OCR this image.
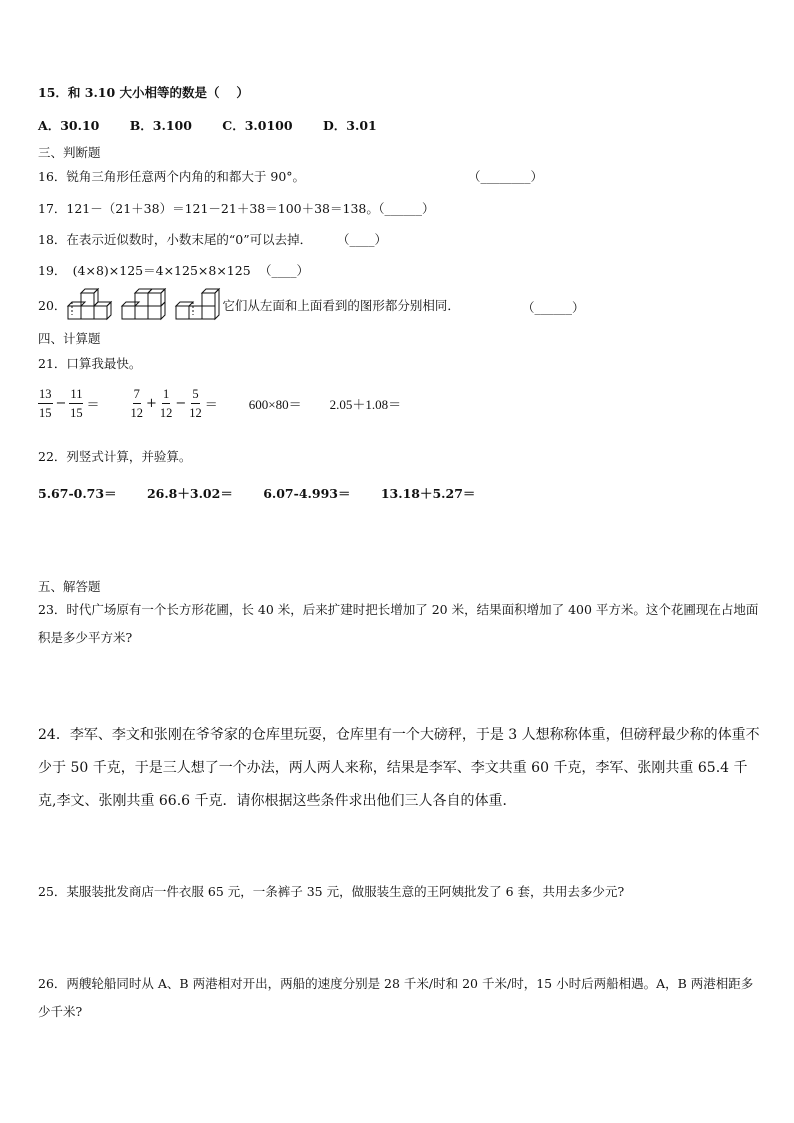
15．和 3.10 大小相等的数是（　 ）
A．30.10 B．3.100 C．3.0100 D．3.01
三、判断题
16．锐角三角形任意两个内角的和都大于 90°。	（________）
17．121－（21＋38）＝121－21＋38＝100＋38＝138。
（______）
18．在表示近似数时，小数末尾的“0”可以去掉． （____）
19．　(4×8)×125＝4×125×8×125 （____）
20．	它们从左面和上面看到的图形都分别相同．	（______）
四、计算题
21．口算我最快。
$\frac{13}{15} - \frac{11}{15} = \frac{7}{12} + \frac{1}{12} - \frac{5}{12} = 600\times 80= 2.05+1.08=$
22．列竖式计算，并验算。
5.67-0.73＝ 26.8＋3.02＝ 6.07-4.993＝ 13.18＋5.27＝
五、解答题
23．时代广场原有一个长方形花圃，长 40 米，后来扩建时把长增加了 20 米，结果面积增加了 400 平方米。这个花圃现在占地面积是多少平方米?
24．李军、李文和张刚在爷爷家的仓库里玩耍，仓库里有一个大磅秤，于是 3 人想称称体重，但磅秤最少称的体重不少于 50 千克，于是三人想了一个办法，两人两人来称，结果是李军、李文共重 60 千克，李军、张刚共重 65.4 千克,李文、张刚共重 66.6 千克．请你根据这些条件求出他们三人各自的体重．
25．某服装批发商店一件衣服 65 元，一条裤子 35 元，做服装生意的王阿姨批发了 6 套，共用去多少元?
26．两艘轮船同时从 A、B 两港相对开出，两船的速度分别是 28 千米/时和 20 千米/时，15 小时后两船相遇。A，B 两港相距多少千米?
